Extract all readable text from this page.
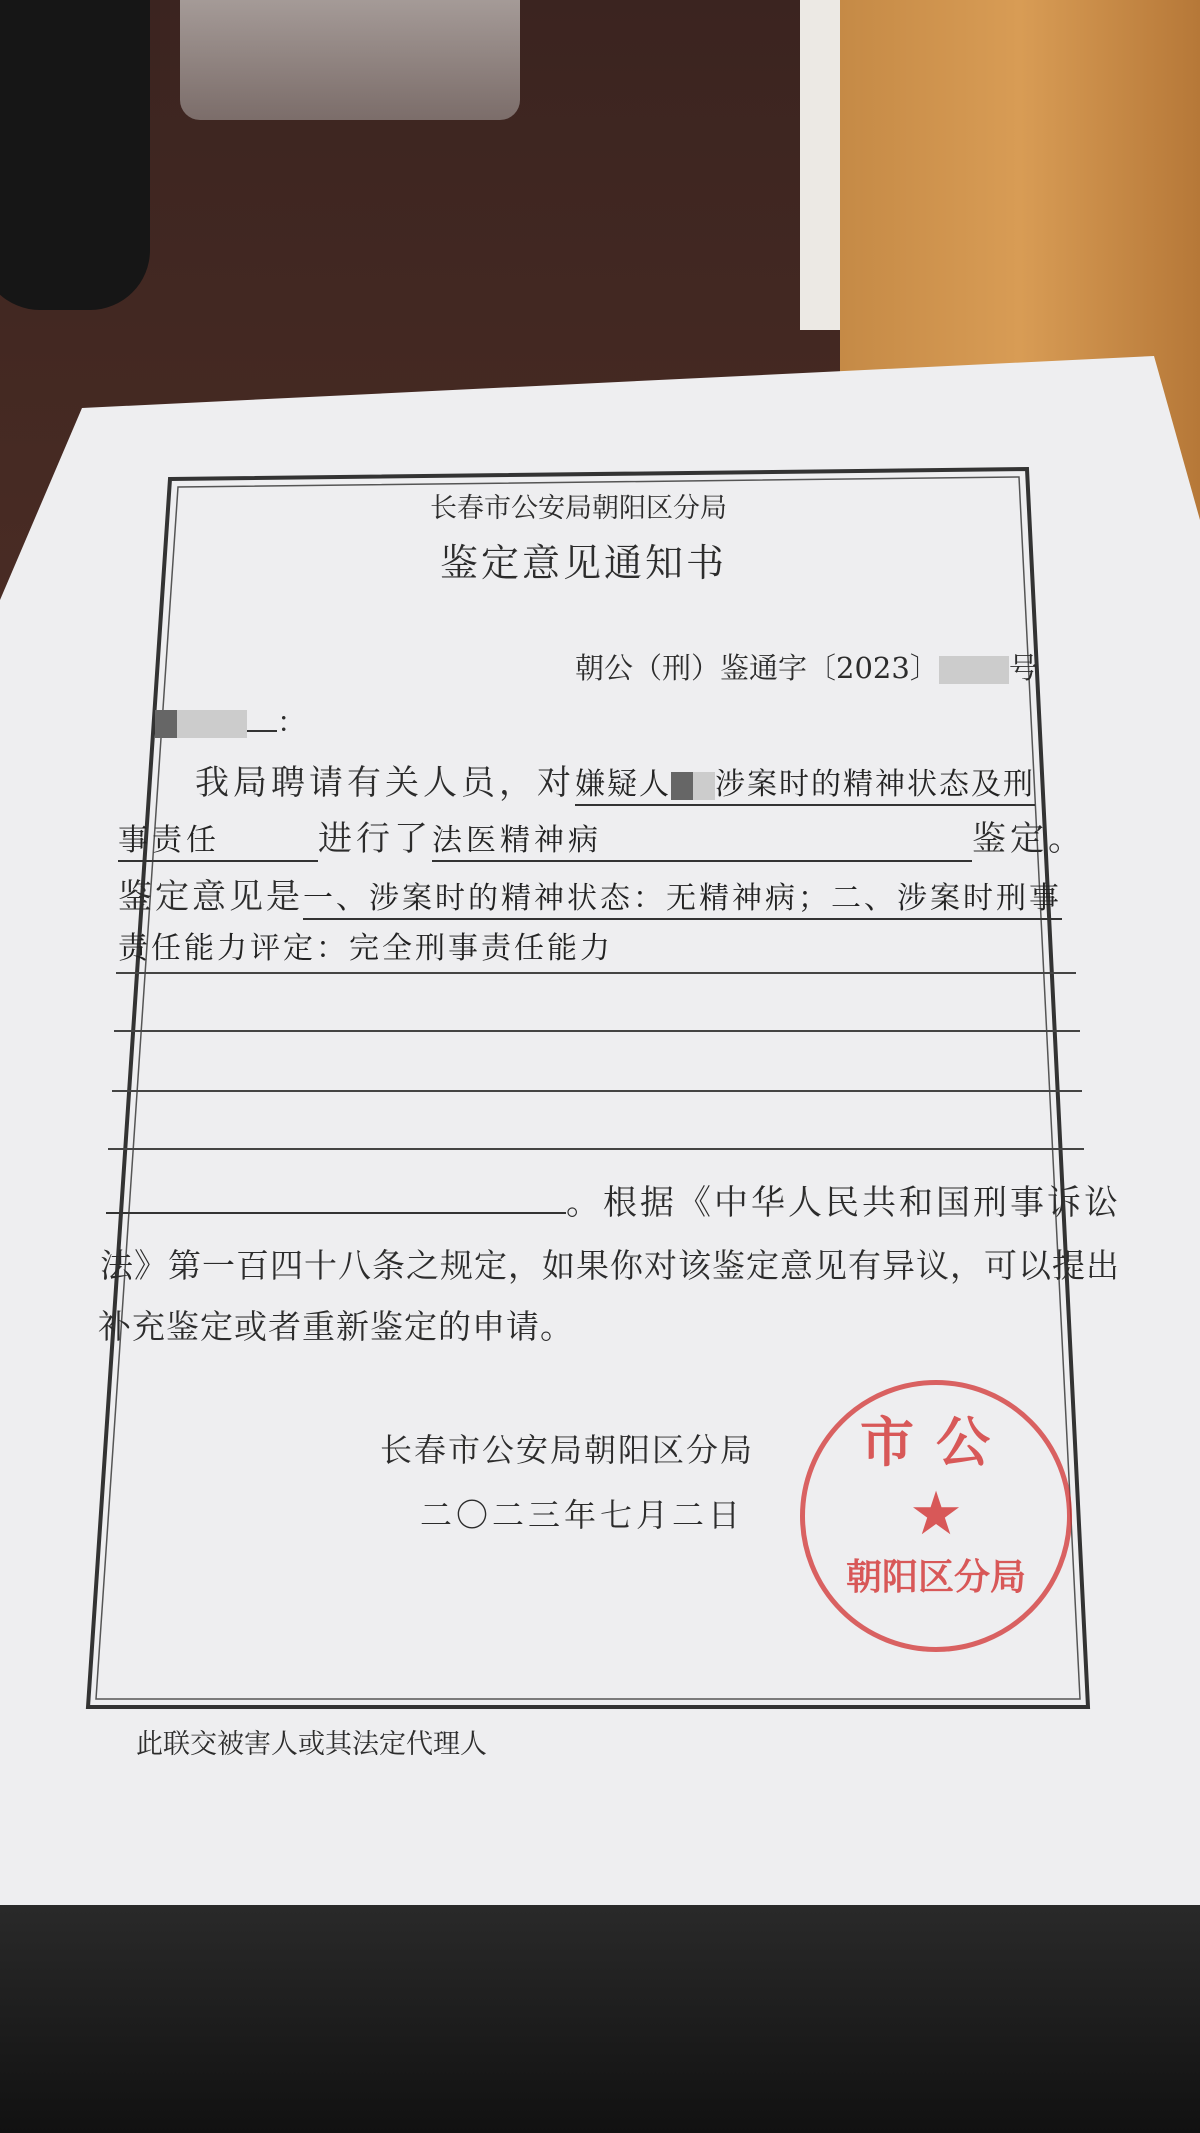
长春市公安局朝阳区分局
鉴定意见通知书
朝公（刑）鉴通字〔2023〕 号
：
我局聘请有关人员，对嫌疑人 涉案时的精神状态及刑
事责任	进行了法医精神病	鉴定。
鉴定意见是一、涉案时的精神状态：无精神病；二、涉案时刑事
责任能力评定：完全刑事责任能力
。根据《中华人民共和国刑事诉讼
法》第一百四十八条之规定，如果你对该鉴定意见有异议，可以提出
补充鉴定或者重新鉴定的申请。
长春市公安局朝阳区分局
二〇二三年七月二日
市公
★
朝阳区分局
此联交被害人或其法定代理人
